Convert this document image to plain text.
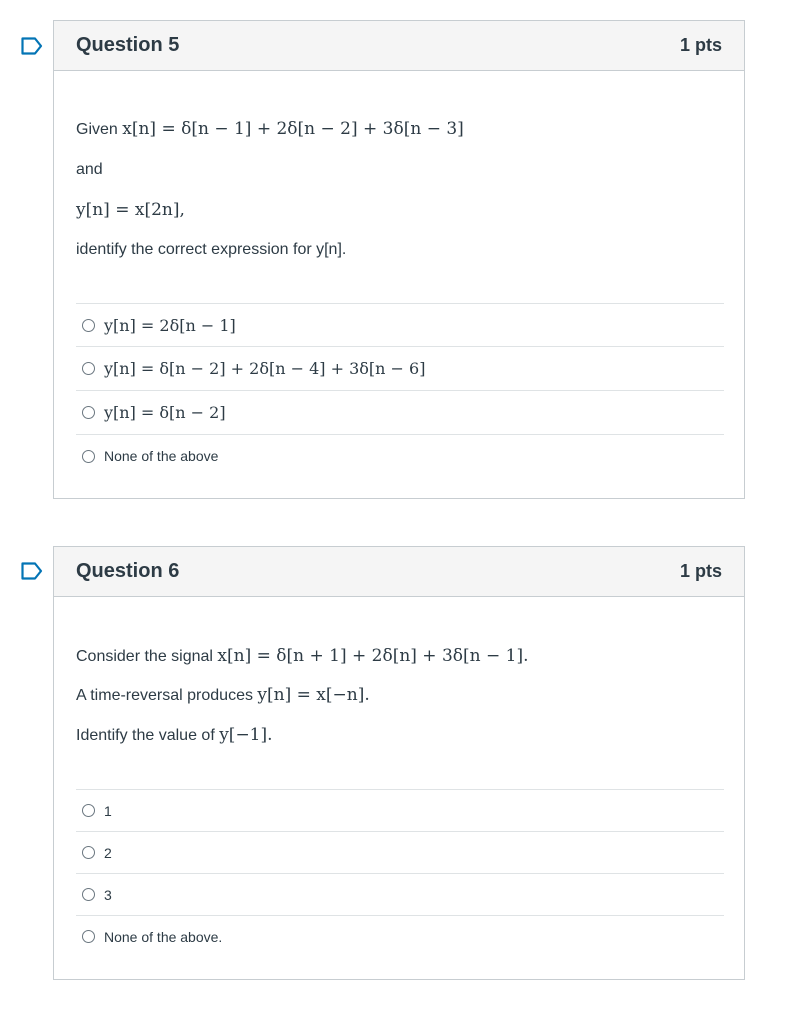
Question 5	1 pts
Given x[n] = δ[n − 1] + 2δ[n − 2] + 3δ[n − 3]
and
y[n] = x[2n],
identify the correct expression for y[n].
y[n] = 2δ[n − 1]
y[n] = δ[n − 2] + 2δ[n − 4] + 3δ[n − 6]
y[n] = δ[n − 2]
None of the above
Question 6	1 pts
Consider the signal x[n] = δ[n + 1] + 2δ[n] + 3δ[n − 1].
A time-reversal produces y[n] = x[−n].
Identify the value of y[−1].
1
2
3
None of the above.
